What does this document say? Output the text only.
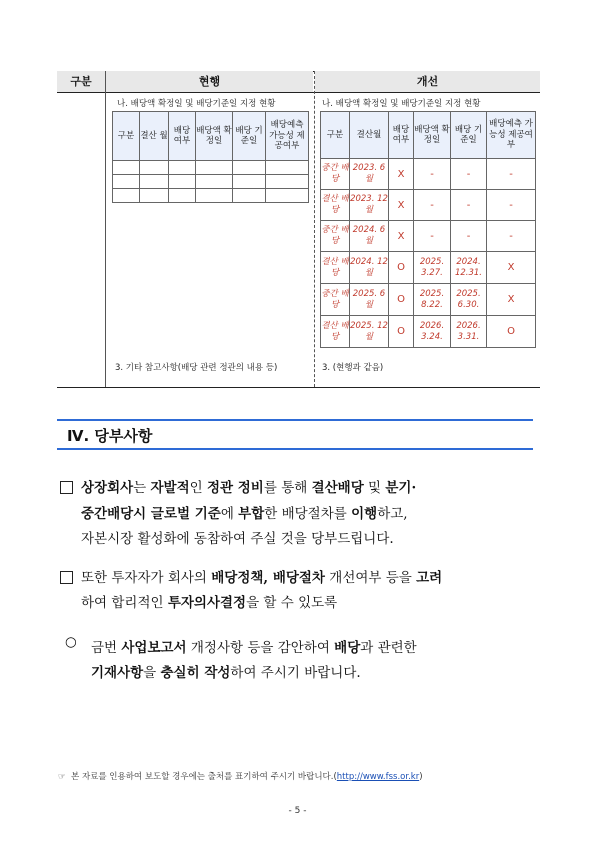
구분	현행	개선
나. 배당액 확정일 및 배당기준일 지정 현황	나. 배당액 확정일 및 배당기준일 지정 현황
구분	결산 월	배당 여부	배당액 확정일	배당 기준일	배당예측 가능성 제공여부

구분	결산월	배당 여부	배당액 확정일	배당 기준일	배당예측 가능성 제공여부
중간 배당	2023. 6월	X	-	-	-
결산 배당	2023. 12월	X	-	-	-
중간 배당	2024. 6월	X	-	-	-
결산 배당	2024. 12월	O	2025. 3.27.	2024. 12.31.	X
중간 배당	2025. 6월	O	2025. 8.22.	2025. 6.30.	X
결산 배당	2025. 12월	O	2026. 3.24.	2026. 3.31.	O
3. 기타 참고사항(배당 관련 정관의 내용 등)	3. (현행과 같음)
Ⅳ. 당부사항
상장회사는 자발적인 정관 정비를 통해 결산배당 및 분기·
중간배당시 글로벌 기준에 부합한 배당절차를 이행하고,
자본시장 활성화에 동참하여 주실 것을 당부드립니다.
또한 투자자가 회사의 배당정책, 배당절차 개선여부 등을 고려
하여 합리적인 투자의사결정을 할 수 있도록
○ 금번 사업보고서 개정사항 등을 감안하여 배당과 관련한
기재사항을 충실히 작성하여 주시기 바랍니다.
☞ 본 자료를 인용하여 보도할 경우에는 출처를 표기하여 주시기 바랍니다.(http://www.fss.or.kr)
- 5 -
